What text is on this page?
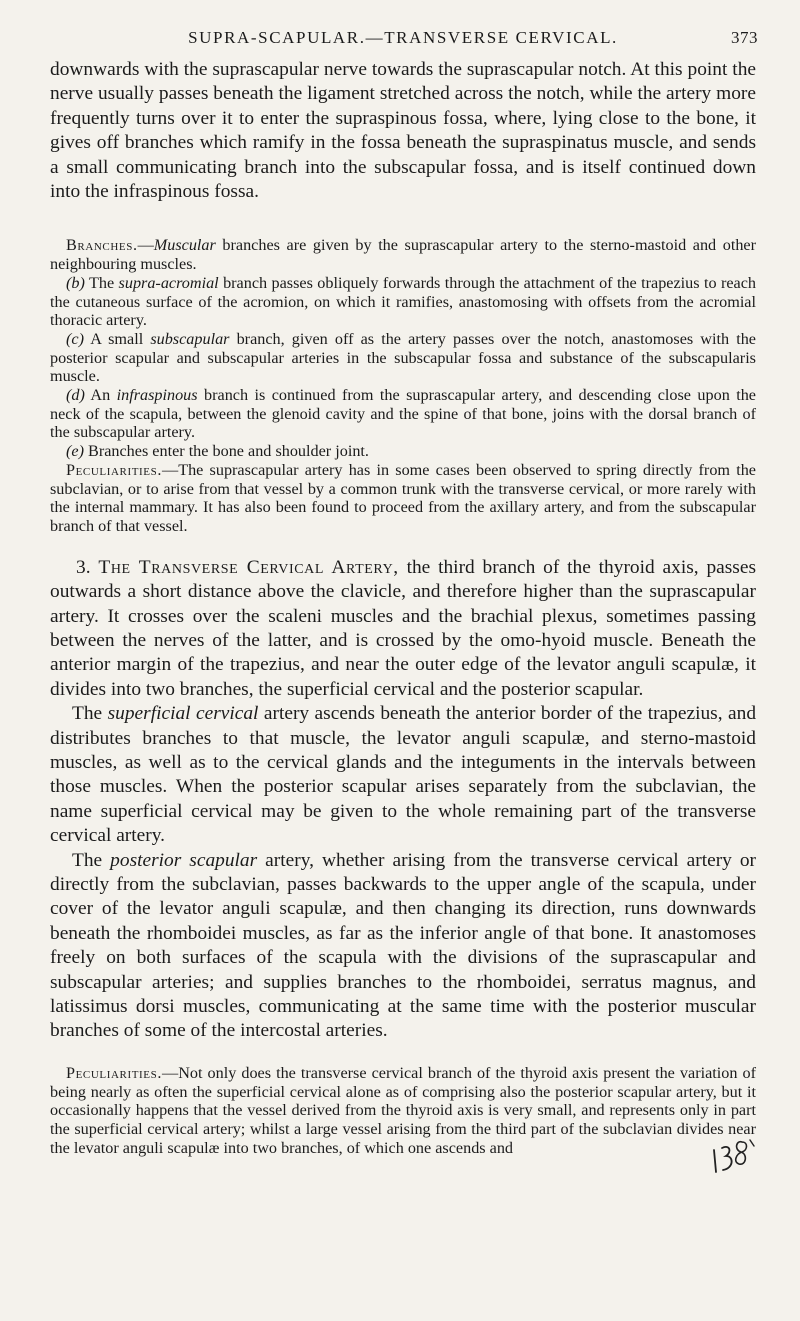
SUPRA-SCAPULAR.—TRANSVERSE CERVICAL.	373

downwards with the suprascapular nerve towards the suprascapular notch. At this point the nerve usually passes beneath the ligament stretched across the notch, while the artery more frequently turns over it to enter the supraspinous fossa, where, lying close to the bone, it gives off branches which ramify in the fossa beneath the supraspinatus muscle, and sends a small communicating branch into the subscapular fossa, and is itself continued down into the infraspinous fossa.

Branches.—Muscular branches are given by the suprascapular artery to the sterno-mastoid and other neighbouring muscles.
(b) The supra-acromial branch passes obliquely forwards through the attachment of the trapezius to reach the cutaneous surface of the acromion, on which it ramifies, anastomosing with offsets from the acromial thoracic artery.
(c) A small subscapular branch, given off as the artery passes over the notch, anastomoses with the posterior scapular and subscapular arteries in the subscapular fossa and substance of the subscapularis muscle.
(d) An infraspinous branch is continued from the suprascapular artery, and descending close upon the neck of the scapula, between the glenoid cavity and the spine of that bone, joins with the dorsal branch of the subscapular artery.
(e) Branches enter the bone and shoulder joint.
Peculiarities.—The suprascapular artery has in some cases been observed to spring directly from the subclavian, or to arise from that vessel by a common trunk with the transverse cervical, or more rarely with the internal mammary. It has also been found to proceed from the axillary artery, and from the subscapular branch of that vessel.
3. The Transverse Cervical Artery, the third branch of the thyroid axis, passes outwards a short distance above the clavicle, and therefore higher than the suprascapular artery. It crosses over the scaleni muscles and the brachial plexus, sometimes passing between the nerves of the latter, and is crossed by the omo-hyoid muscle. Beneath the anterior margin of the trapezius, and near the outer edge of the levator anguli scapulæ, it divides into two branches, the superficial cervical and the posterior scapular.
The superficial cervical artery ascends beneath the anterior border of the trapezius, and distributes branches to that muscle, the levator anguli scapulæ, and sterno-mastoid muscles, as well as to the cervical glands and the integuments in the intervals between those muscles. When the posterior scapular arises separately from the subclavian, the name superficial cervical may be given to the whole remaining part of the transverse cervical artery.
The posterior scapular artery, whether arising from the transverse cervical artery or directly from the subclavian, passes backwards to the upper angle of the scapula, under cover of the levator anguli scapulæ, and then changing its direction, runs downwards beneath the rhomboidei muscles, as far as the inferior angle of that bone. It anastomoses freely on both surfaces of the scapula with the divisions of the suprascapular and subscapular arteries; and supplies branches to the rhomboidei, serratus magnus, and latissimus dorsi muscles, communicating at the same time with the posterior muscular branches of some of the intercostal arteries.
Peculiarities.—Not only does the transverse cervical branch of the thyroid axis present the variation of being nearly as often the superficial cervical alone as of comprising also the posterior scapular artery, but it occasionally happens that the vessel derived from the thyroid axis is very small, and represents only in part the superficial cervical artery; whilst a large vessel arising from the third part of the subclavian divides near the levator anguli scapulæ into two branches, of which one ascends and
